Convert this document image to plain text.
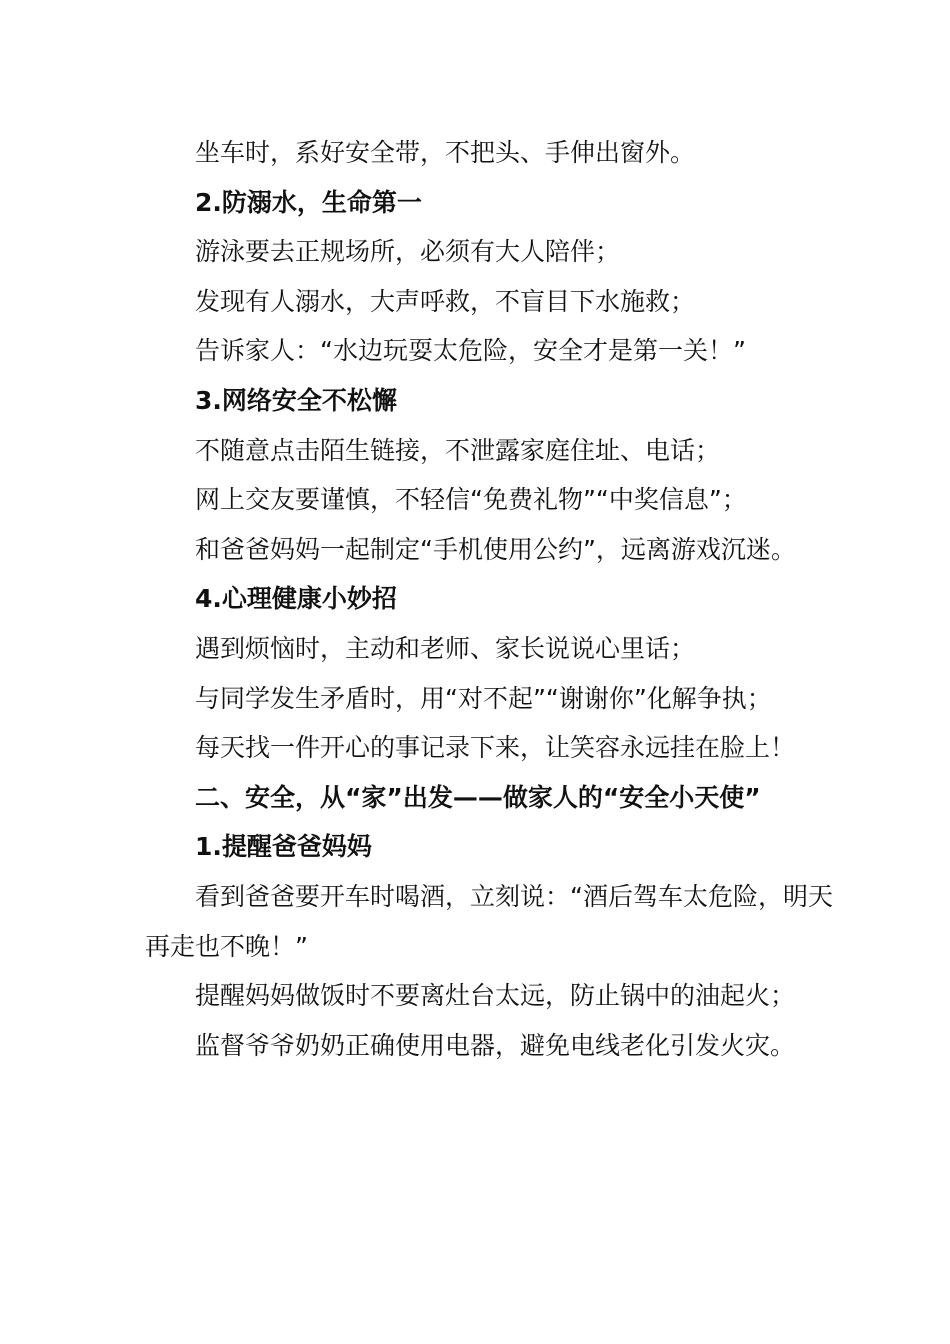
坐车时，系好安全带，不把头、手伸出窗外。

2.防溺水，生命第一

游泳要去正规场所，必须有大人陪伴；

发现有人溺水，大声呼救，不盲目下水施救；

告诉家人：“水边玩耍太危险，安全才是第一关！”

3.网络安全不松懈

不随意点击陌生链接，不泄露家庭住址、电话；

网上交友要谨慎，不轻信“免费礼物”“中奖信息”；

和爸爸妈妈一起制定“手机使用公约”，远离游戏沉迷。

4.心理健康小妙招

遇到烦恼时，主动和老师、家长说说心里话；

与同学发生矛盾时，用“对不起”“谢谢你”化解争执；

每天找一件开心的事记录下来，让笑容永远挂在脸上！

二、安全，从“家”出发——做家人的“安全小天使”

1.提醒爸爸妈妈

看到爸爸要开车时喝酒，立刻说：“酒后驾车太危险，明天再走也不晚！”

提醒妈妈做饭时不要离灶台太远，防止锅中的油起火；

监督爷爷奶奶正确使用电器，避免电线老化引发火灾。
